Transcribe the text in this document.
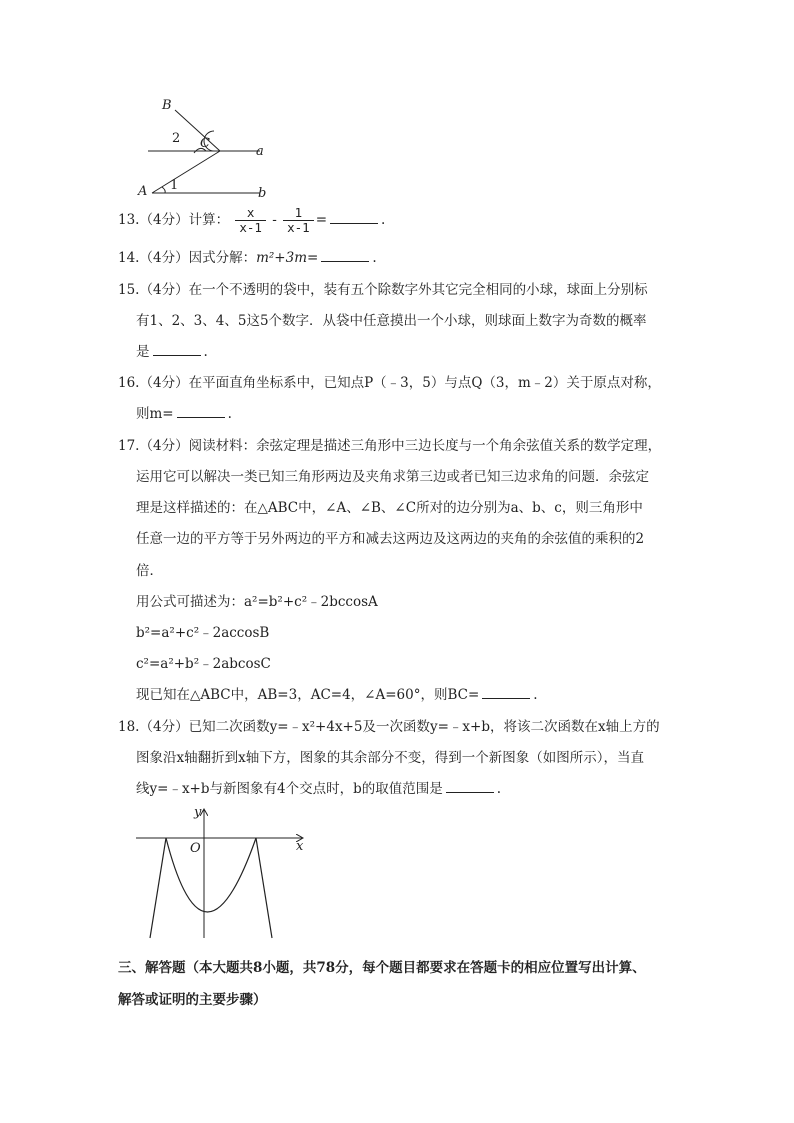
B
2 C
a
A 1
b
13.（4分）计算： $\frac{x}{x-1} - \frac{1}{x-1}$ =	.
14.（4分）因式分解：m²+3m=	.
15.（4分）在一个不透明的袋中，装有五个除数字外其它完全相同的小球，球面上分别标
有1、2、3、4、5这5个数字．从袋中任意摸出一个小球，则球面上数字为奇数的概率
是	.
16.（4分）在平面直角坐标系中，已知点P（﹣3，5）与点Q（3，m﹣2）关于原点对称，
则m=	.
17.（4分）阅读材料：余弦定理是描述三角形中三边长度与一个角余弦值关系的数学定理，
运用它可以解决一类已知三角形两边及夹角求第三边或者已知三边求角的问题．余弦定
理是这样描述的：在△ABC中，∠A、∠B、∠C所对的边分别为a、b、c，则三角形中
任意一边的平方等于另外两边的平方和减去这两边及这两边的夹角的余弦值的乘积的2
倍．
用公式可描述为：a²=b²+c²﹣2bccosA
b²=a²+c²﹣2accosB
c²=a²+b²﹣2abcosC
现已知在△ABC中，AB=3，AC=4，∠A=60°，则BC=	.
18.（4分）已知二次函数y=﹣x²+4x+5及一次函数y=﹣x+b，将该二次函数在x轴上方的
图象沿x轴翻折到x轴下方，图象的其余部分不变，得到一个新图象（如图所示），当直
线y=﹣x+b与新图象有4个交点时，b的取值范围是	.
y
x
O
三、解答题（本大题共8小题，共78分，每个题目都要求在答题卡的相应位置写出计算、
解答或证明的主要步骤）
